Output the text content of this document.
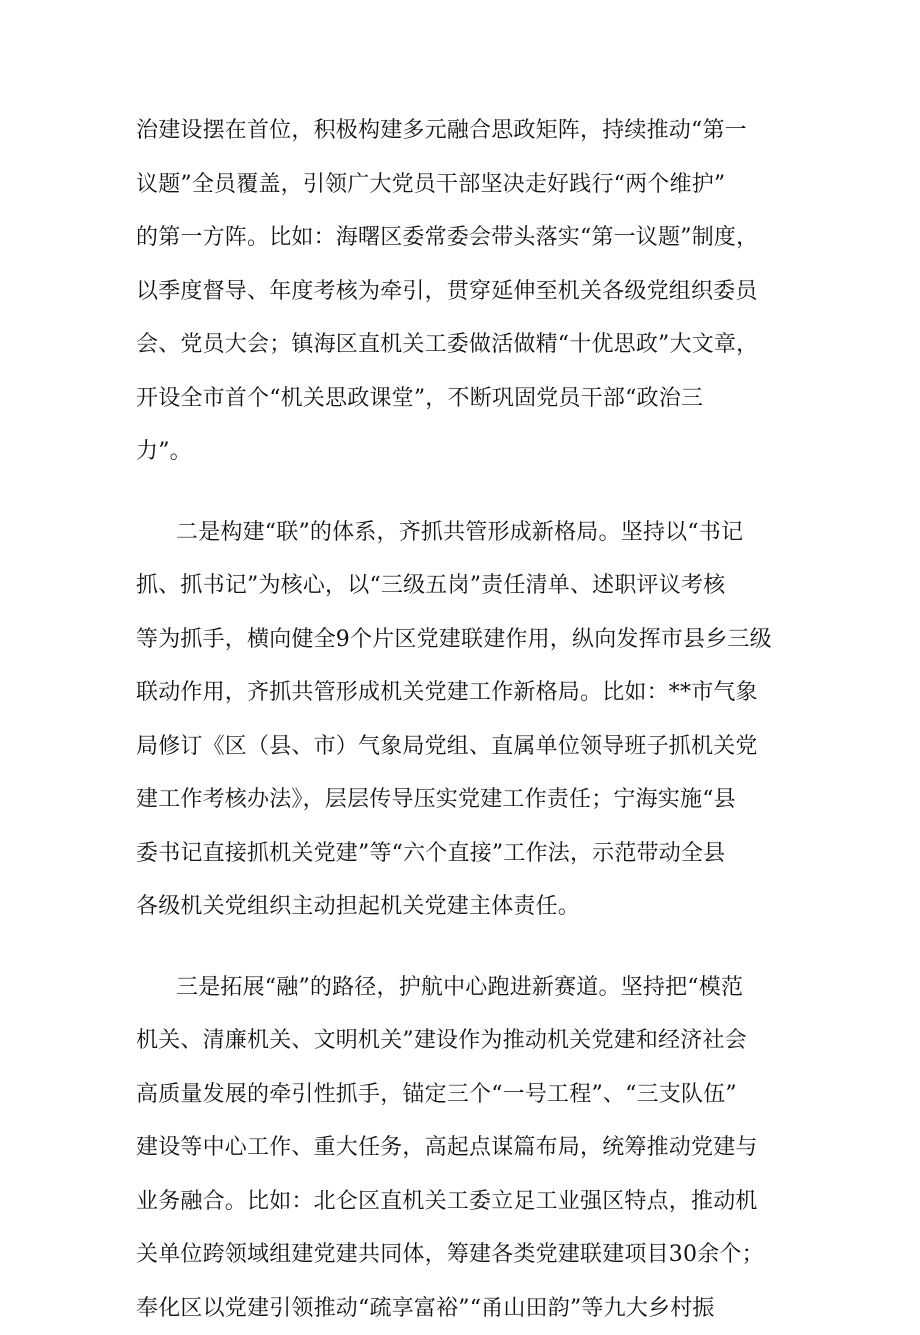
治建设摆在首位，积极构建多元融合思政矩阵，持续推动“第一
议题”全员覆盖，引领广大党员干部坚决走好践行“两个维护”
的第一方阵。比如：海曙区委常委会带头落实“第一议题”制度，
以季度督导、年度考核为牵引，贯穿延伸至机关各级党组织委员
会、党员大会；镇海区直机关工委做活做精“十优思政”大文章，
开设全市首个“机关思政课堂”，不断巩固党员干部“政治三
力”。
二是构建“联”的体系，齐抓共管形成新格局。坚持以“书记
抓、抓书记”为核心，以“三级五岗”责任清单、述职评议考核
等为抓手，横向健全9个片区党建联建作用，纵向发挥市县乡三级
联动作用，齐抓共管形成机关党建工作新格局。比如：**市气象
局修订《区（县、市）气象局党组、直属单位领导班子抓机关党
建工作考核办法》，层层传导压实党建工作责任；宁海实施“县
委书记直接抓机关党建”等“六个直接”工作法，示范带动全县
各级机关党组织主动担起机关党建主体责任。
三是拓展“融”的路径，护航中心跑进新赛道。坚持把“模范
机关、清廉机关、文明机关”建设作为推动机关党建和经济社会
高质量发展的牵引性抓手，锚定三个“一号工程”、“三支队伍”
建设等中心工作、重大任务，高起点谋篇布局，统筹推动党建与
业务融合。比如：北仑区直机关工委立足工业强区特点，推动机
关单位跨领域组建党建共同体，筹建各类党建联建项目30余个；
奉化区以党建引领推动“疏享富裕”“甬山田韵”等九大乡村振
